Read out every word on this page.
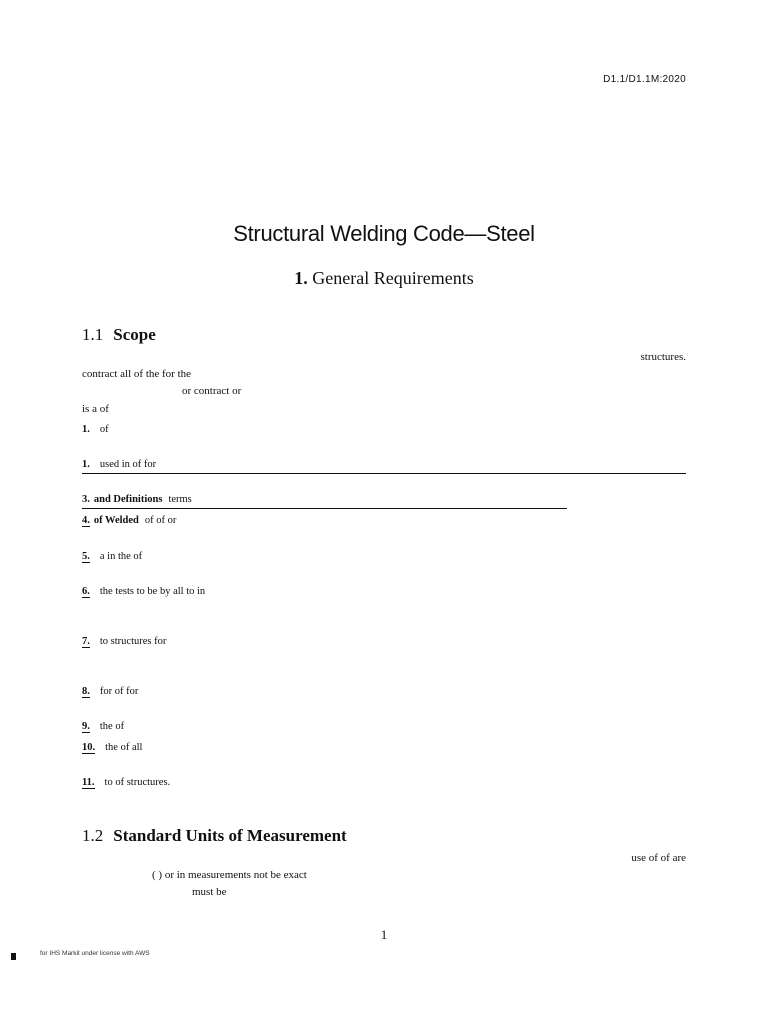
D1.1/D1.1M:2020
Structural Welding Code—Steel
1. General Requirements
1.1 Scope
structures.
contract all of the for the
or contract or
is a of
1. of
1. used in of for
3. and Definitions terms
4. of Welded of of or
5. a in the of
6. the tests to be by all to in
7. to structures for
8. for of for
9. the of
10. the of all
11. to of structures.
1.2 Standard Units of Measurement
use of of are
( ) or in measurements not be exact
must be
1
for IHS Markit under license with AWS
